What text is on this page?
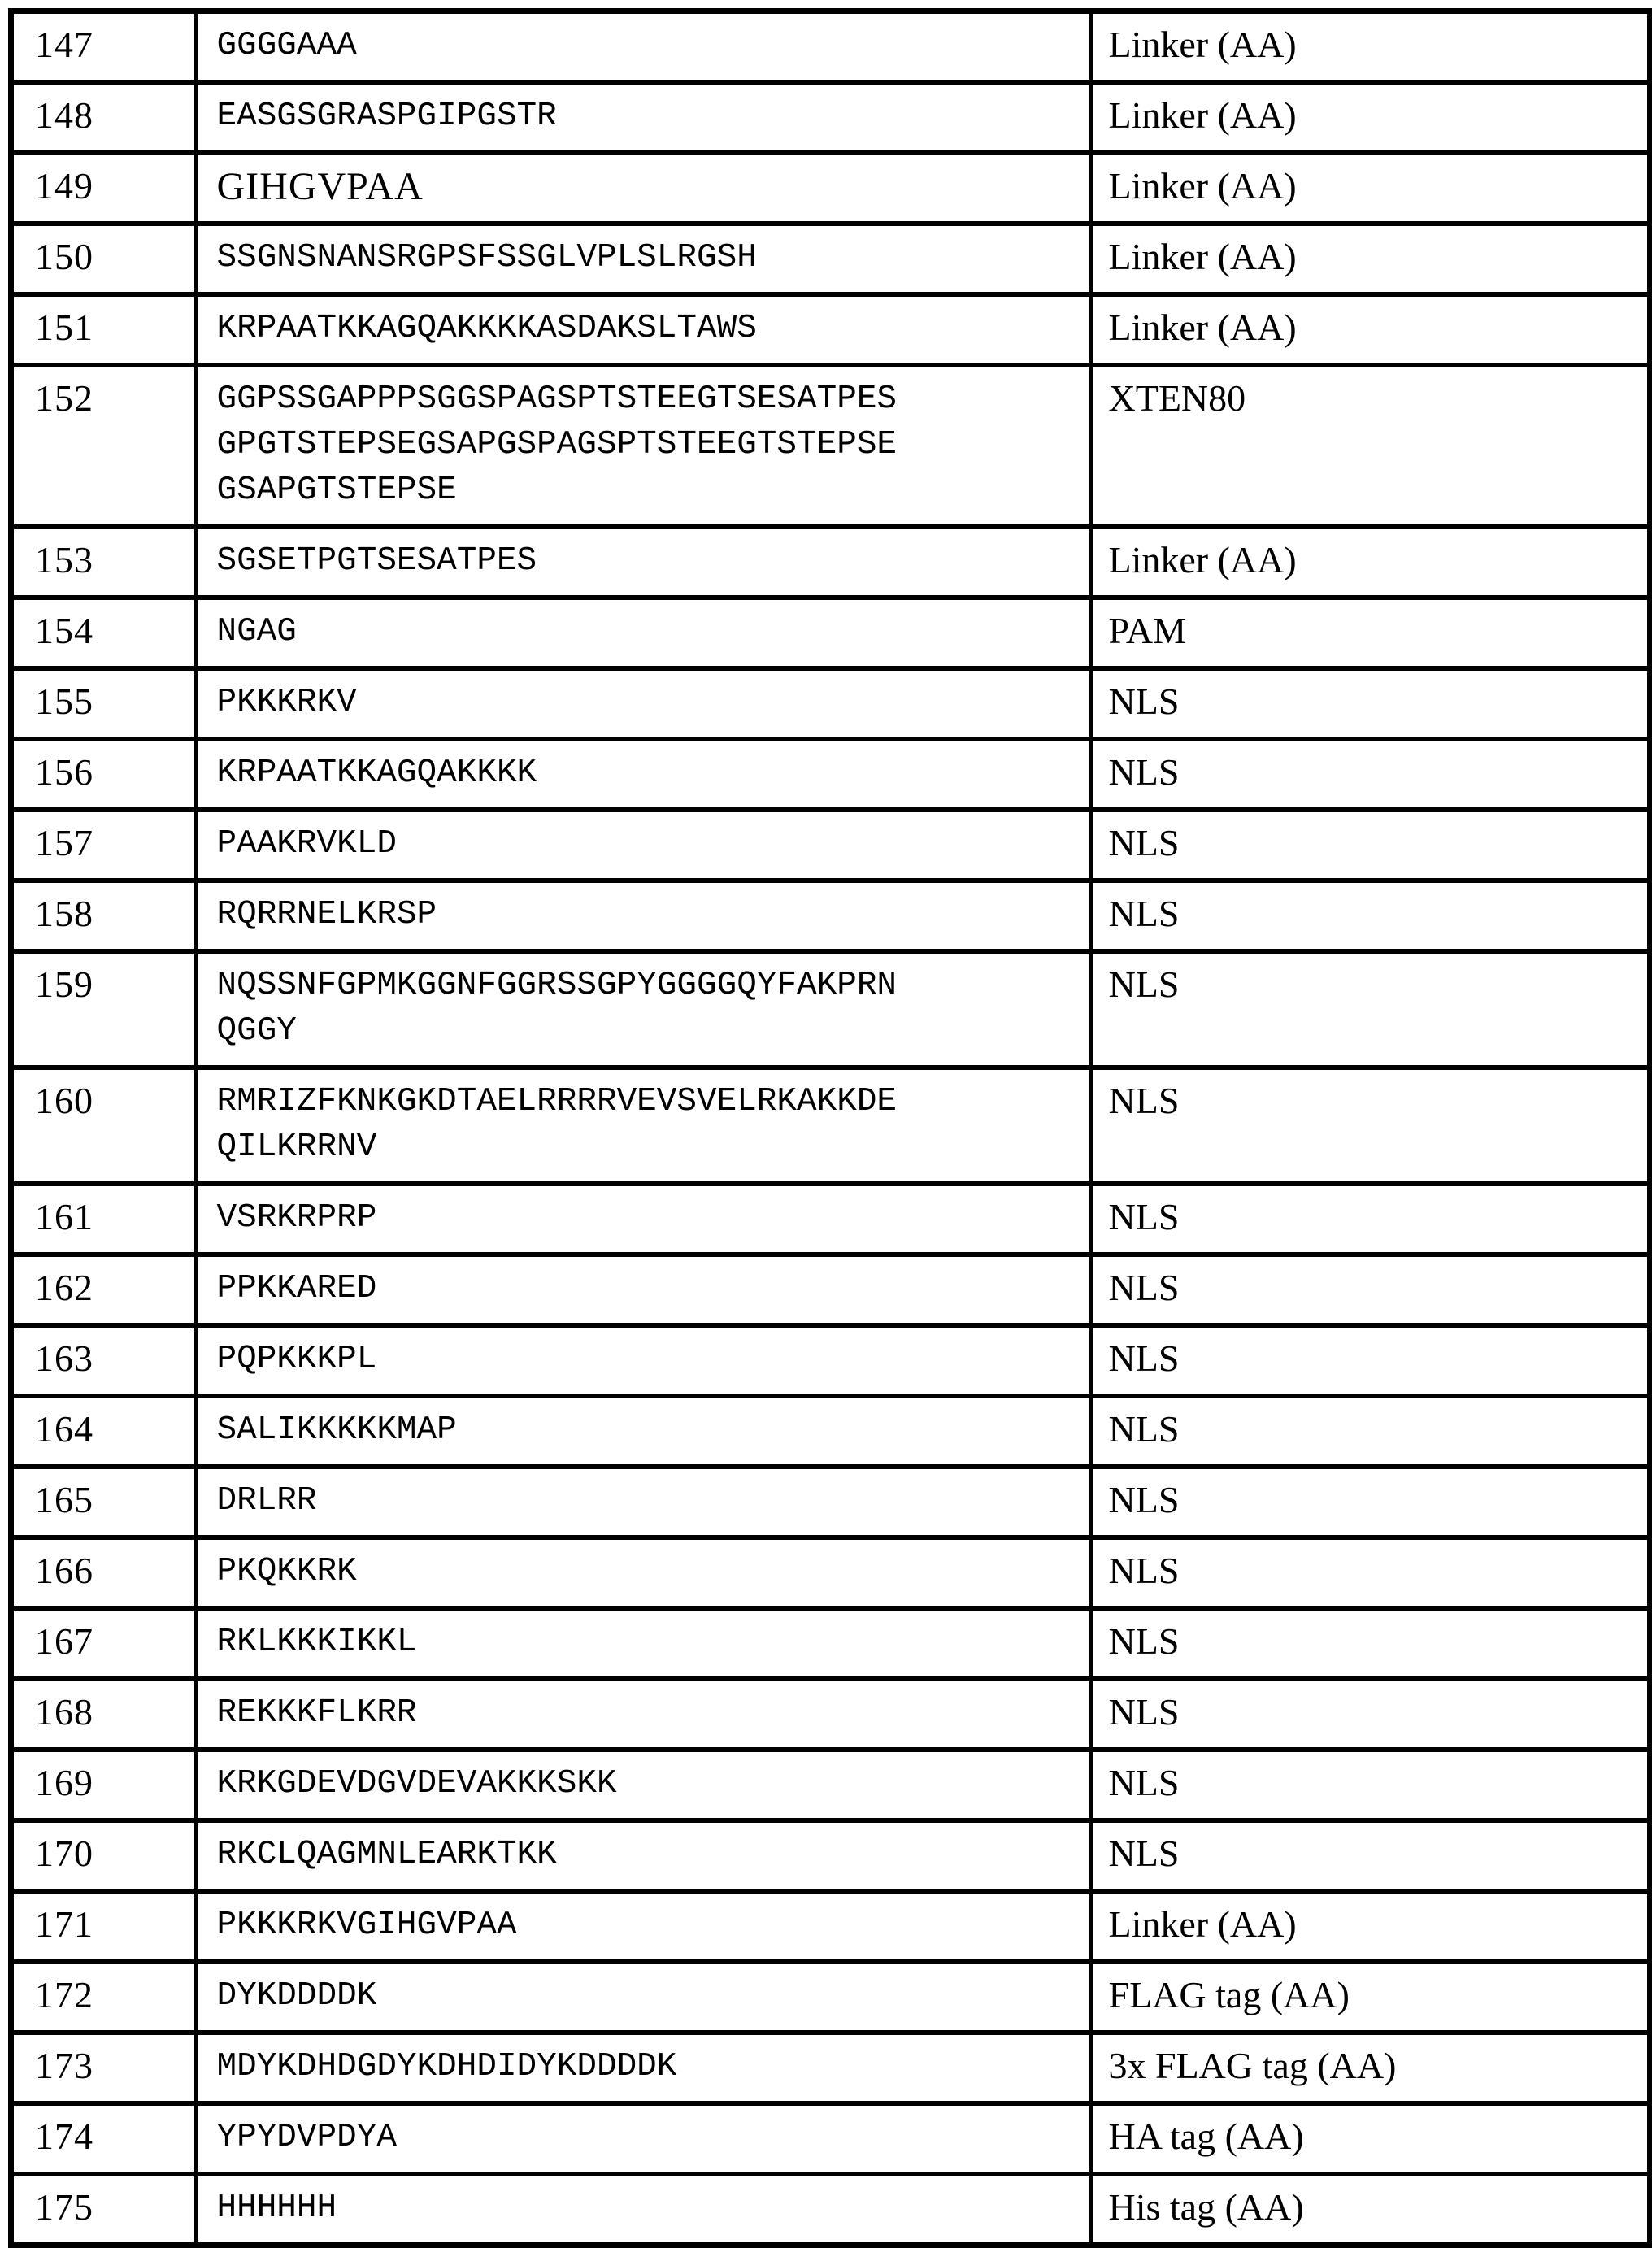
147	GGGGAAA	Linker (AA)
148	EASGSGRASPGIPGSTR	Linker (AA)
149	GIHGVPAA	Linker (AA)
150	SSGNSNANSRGPSFSSGLVPLSLRGSH	Linker (AA)
151	KRPAATKKAGQAKKKKASDAKSLTAWS	Linker (AA)
152	GGPSSGAPPPSGGSPAGSPTSTEEGTSESATPES
GPGTSTEPSEGSAPGSPAGSPTSTEEGTSTEPSE
GSAPGTSTEPSE	XTEN80
153	SGSETPGTSESATPES	Linker (AA)
154	NGAG	PAM
155	PKKKRKV	NLS
156	KRPAATKKAGQAKKKK	NLS
157	PAAKRVKLD	NLS
158	RQRRNELKRSP	NLS
159	NQSSNFGPMKGGNFGGRSSGPYGGGGQYFAKPRN
QGGY	NLS
160	RMRIZFKNKGKDTAELRRRRVEVSVELRKAKKDE
QILKRRNV	NLS
161	VSRKRPRP	NLS
162	PPKKARED	NLS
163	PQPKKKPL	NLS
164	SALIKKKKKMAP	NLS
165	DRLRR	NLS
166	PKQKKRK	NLS
167	RKLKKKIKKL	NLS
168	REKKKFLKRR	NLS
169	KRKGDEVDGVDEVAKKKSKK	NLS
170	RKCLQAGMNLEARKTKK	NLS
171	PKKKRKVGIHGVPAA	Linker (AA)
172	DYKDDDDK	FLAG tag (AA)
173	MDYKDHDGDYKDHDIDYKDDDDK	3x FLAG tag (AA)
174	YPYDVPDYA	HA tag (AA)
175	HHHHHH	His tag (AA)
